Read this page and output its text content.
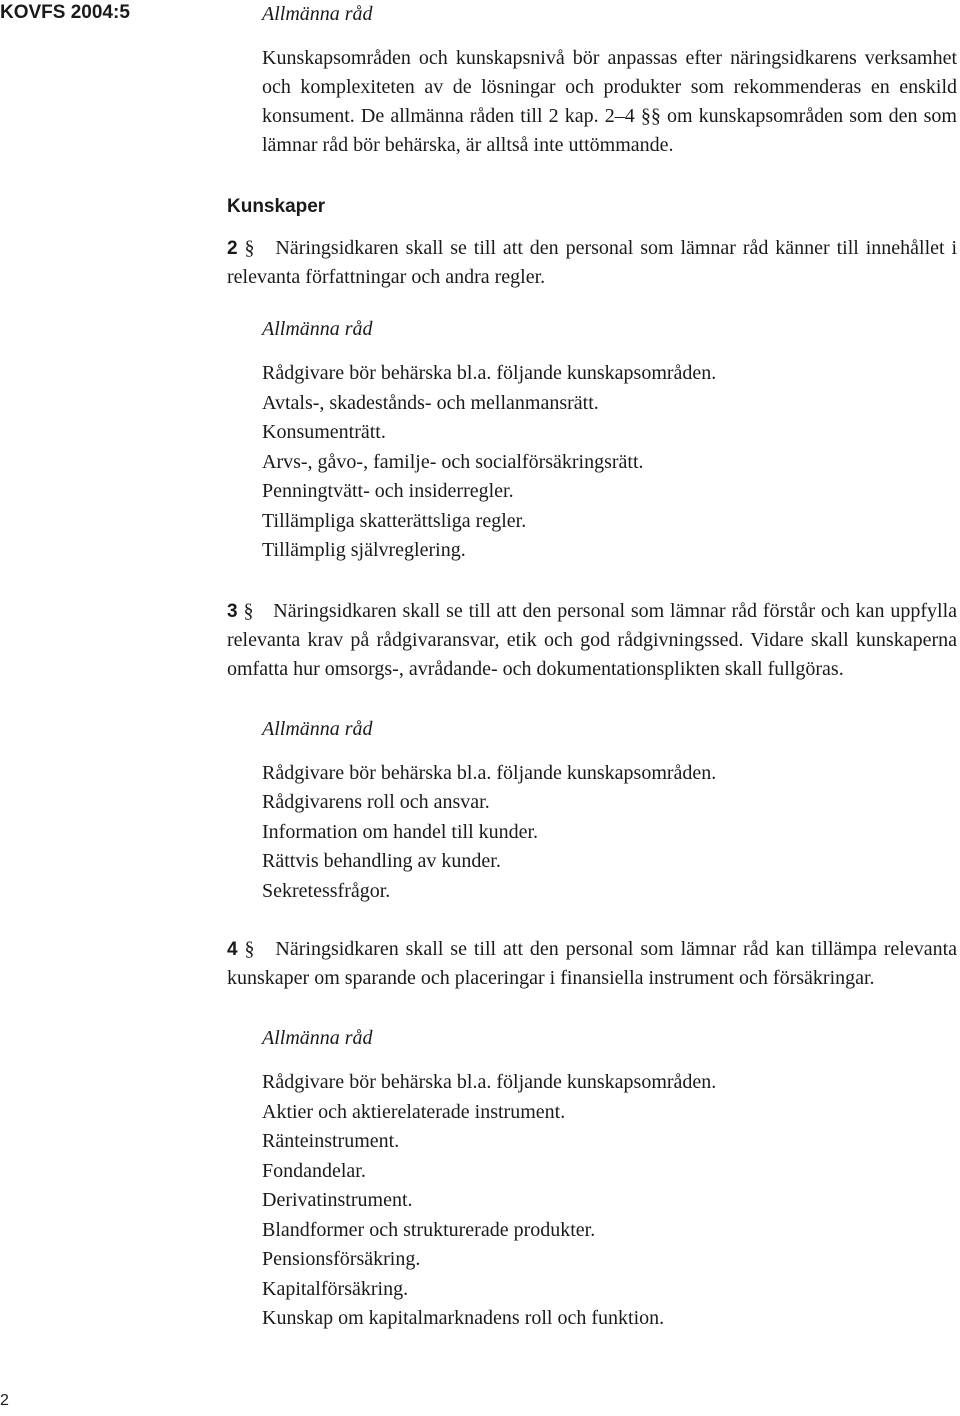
KOVFS 2004:5
2
Allmänna råd
Kunskapsområden och kunskapsnivå bör anpassas efter näringsidkarens verksamhet och komplexiteten av de lösningar och produkter som rekommenderas en enskild konsument. De allmänna råden till 2 kap. 2–4 §§ om kunskapsområden som den som lämnar råd bör behärska, är alltså inte uttömmande.
Kunskaper
2 § Näringsidkaren skall se till att den personal som lämnar råd känner till innehållet i relevanta författningar och andra regler.
Allmänna råd
Rådgivare bör behärska bl.a. följande kunskapsområden.
Avtals-, skadestånds- och mellanmansrätt.
Konsumenträtt.
Arvs-, gåvo-, familje- och socialförsäkringsrätt.
Penningtvätt- och insiderregler.
Tillämpliga skatterättsliga regler.
Tillämplig självreglering.
3 § Näringsidkaren skall se till att den personal som lämnar råd förstår och kan uppfylla relevanta krav på rådgivaransvar, etik och god rådgivningssed. Vidare skall kunskaperna omfatta hur omsorgs-, avrådande- och dokumentationsplikten skall fullgöras.
Allmänna råd
Rådgivare bör behärska bl.a. följande kunskapsområden.
Rådgivarens roll och ansvar.
Information om handel till kunder.
Rättvis behandling av kunder.
Sekretessfrågor.
4 § Näringsidkaren skall se till att den personal som lämnar råd kan tillämpa relevanta kunskaper om sparande och placeringar i finansiella instrument och försäkringar.
Allmänna råd
Rådgivare bör behärska bl.a. följande kunskapsområden.
Aktier och aktierelaterade instrument.
Ränteinstrument.
Fondandelar.
Derivatinstrument.
Blandformer och strukturerade produkter.
Pensionsförsäkring.
Kapitalförsäkring.
Kunskap om kapitalmarknadens roll och funktion.
